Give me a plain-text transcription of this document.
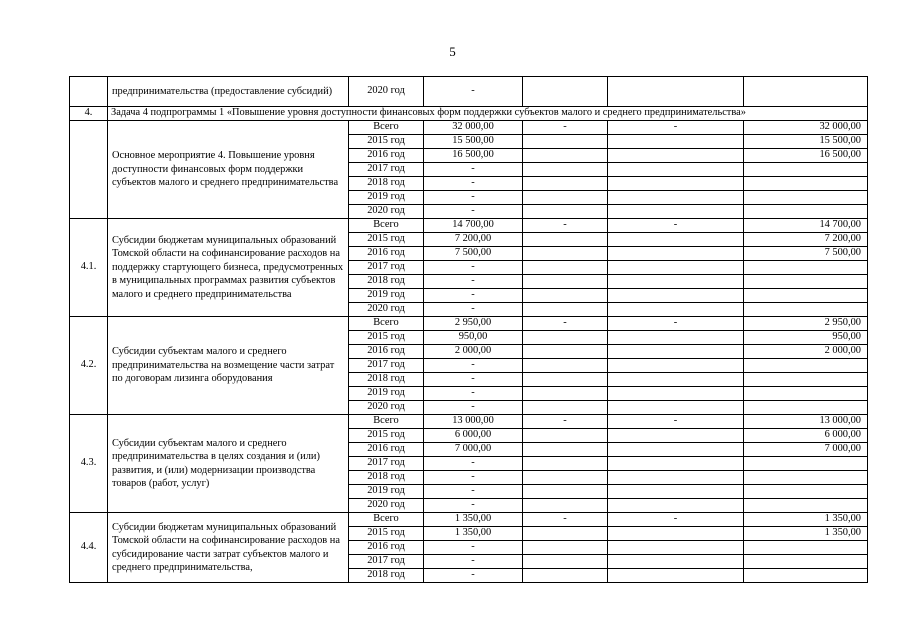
5
	предпринимательства (предоставление субсидий)	2020 год	-			
4.	Задача 4 подпрограммы 1 «Повышение уровня доступности финансовых форм поддержки субъектов малого и среднего предпринимательства»					
	Основное мероприятие 4. Повышение уровня доступности финансовых форм поддержки субъектов малого и среднего предпринимательства	Всего	32 000,00	-	-	32 000,00
		2015 год	15 500,00			15 500,00
		2016 год	16 500,00			16 500,00
		2017 год	-			
		2018 год	-			
		2019 год	-			
		2020 год	-			
4.1.	Субсидии бюджетам муниципальных образований Томской области на софинансирование расходов на поддержку стартующего бизнеса, предусмотренных в муниципальных программах развития субъектов малого и среднего предпринимательства	Всего	14 700,00	-	-	14 700,00
		2015 год	7 200,00			7 200,00
		2016 год	7 500,00			7 500,00
		2017 год	-			
		2018 год	-			
		2019 год	-			
		2020 год	-			
4.2.	Субсидии субъектам малого и среднего предпринимательства на возмещение части затрат по договорам лизинга оборудования	Всего	2 950,00	-	-	2 950,00
		2015 год	950,00			950,00
		2016 год	2 000,00			2 000,00
		2017 год	-			
		2018 год	-			
		2019 год	-			
		2020 год	-			
4.3.	Субсидии субъектам малого и среднего предпринимательства в целях создания и (или) развития, и (или) модернизации производства товаров (работ, услуг)	Всего	13 000,00	-	-	13 000,00
		2015 год	6 000,00			6 000,00
		2016 год	7 000,00			7 000,00
		2017 год	-			
		2018 год	-			
		2019 год	-			
		2020 год	-			
4.4.	Субсидии бюджетам муниципальных образований Томской области на софинансирование расходов на субсидирование части затрат субъектов малого и среднего предпринимательства,	Всего	1 350,00	-	-	1 350,00
		2015 год	1 350,00			1 350,00
		2016 год	-			
		2017 год	-			
		2018 год	-			
